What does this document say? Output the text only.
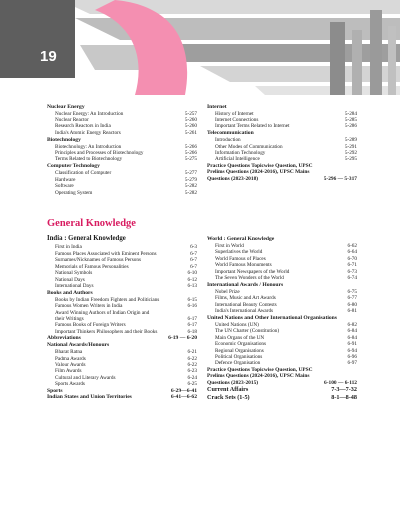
19
Nuclear Energy
Nuclear Energy: An Introduction	5-257
Nuclear Reactor	5-260
Research Reactors in India	5-260
India's Atomic Energy Reactors	5-261
Biotechnology
Biotechnology: An Introduction	5-266
Principles and Processes of Biotechnology	5-266
Terms Related to Biotechnology	5-275
Computer Technology
Classification of Computer	5-277
Hardware	5-279
Software	5-282
Operating System	5-282
Internet
History of Internet	5-284
Internet Connections	5-285
Important Terms Related to Internet	5-286
Telecommunication
Introduction	5-289
Other Modes of Communication	5-291
Information Technology	5-292
Artificial Intelligence	5-295
Practice Questions Topicwise Question, UPSC Prelims Questions (2024-2016), UPSC Mains Questions (2023-2018)	5-296 — 5-317
General Knowledge
India : General Knowledge
First in India	6-3
Famous Places Associated with Eminent Persons	6-7
Surnames/Nicknames of Famous Persons	6-7
Memorials of Famous Personalities	6-7
National Symbols	6-10
National Days	6-12
International Days	6-13
Books and Authors
Books by Indian Freedom Fighters and Politicians	6-15
Famous Women Writers in India	6-16
Award Winning Authors of Indian Origin and
their Writings	6-17
Famous Books of Foreign Writers	6-17
Important Thinkers Philosophers and their Books	6-18
Abbreviations	6-19 — 6-20
National Awards/Honours
Bharat Ratna	6-21
Padma Awards	6-22
Valour Awards	6-22
Film Awards	6-23
Cultural and Literary Awards	6-24
Sports Awards	6-25
Sports	6-29—6-41
Indian States and Union Territories	6-41—6-62
World : General Knowledge
First in World	6-62
Superlatives the World	6-64
World Famous of Places	6-70
World Famous Monuments	6-71
Important Newspapers of the World	6-73
The Seven Wonders of the World	6-74
International Awards / Honours
Nobel Prize	6-75
Films, Music and Art Awards	6-77
International Beauty Contests	6-80
India's International Awards	6-81
United Nations and Other International Organisations
United Nations (UN)	6-82
The UN Charter (Constitution)	6-84
Main Organs of the UN	6-84
Economic Organisations	6-91
Regional Organisations	6-94
Political Organisations	6-96
Defence Organisation	6-97
Practice Questions Topicwise Question, UPSC Prelims Questions (2024-2016), UPSC Mains Questions (2023-2015)	6-100 — 6-112
Current Affairs	7-3—7-32
Crack Sets (1-5)	8-1—8-48
